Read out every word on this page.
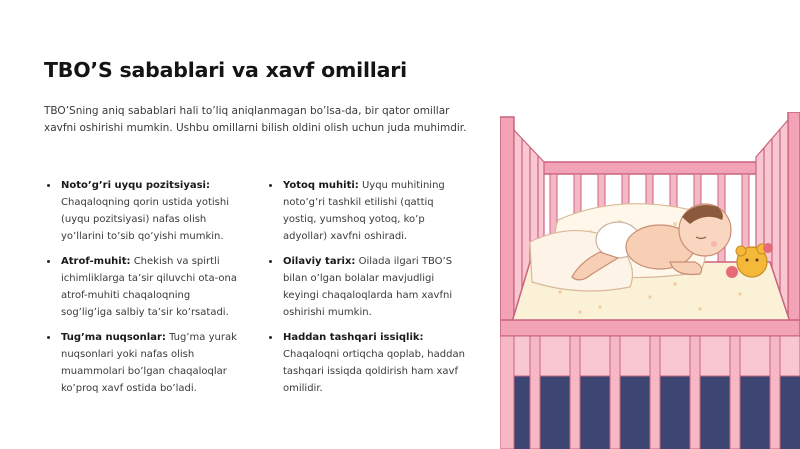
TBO’S sabablari va xavf omillari

TBO’Sning aniq sabablari hali to’liq aniqlanmagan bo’lsa-da, bir qator omillar xavfni oshirishi mumkin. Ushbu omillarni bilish oldini olish uchun juda muhimdir.

Noto’g’ri uyqu pozitsiyasi: Chaqaloqning qorin ustida yotishi (uyqu pozitsiyasi) nafas olish yo’llarini to’sib qo’yishi mumkin.
Atrof-muhit: Chekish va spirtli ichimliklarga ta’sir qiluvchi ota-ona atrof-muhiti chaqaloqning sog’lig’iga salbiy ta’sir ko’rsatadi.
Tug’ma nuqsonlar: Tug’ma yurak nuqsonlari yoki nafas olish muammolari bo’lgan chaqaloqlar ko’proq xavf ostida bo’ladi.
Yotoq muhiti: Uyqu muhitining noto’g’ri tashkil etilishi (qattiq yostiq, yumshoq yotoq, ko’p adyollar) xavfni oshiradi.
Oilaviy tarix: Oilada ilgari TBO’S bilan o’lgan bolalar mavjudligi keyingi chaqaloqlarda ham xavfni oshirishi mumkin.
Haddan tashqari issiqlik: Chaqaloqni ortiqcha qoplab, haddan tashqari issiqda qoldirish ham xavf omilidir.
